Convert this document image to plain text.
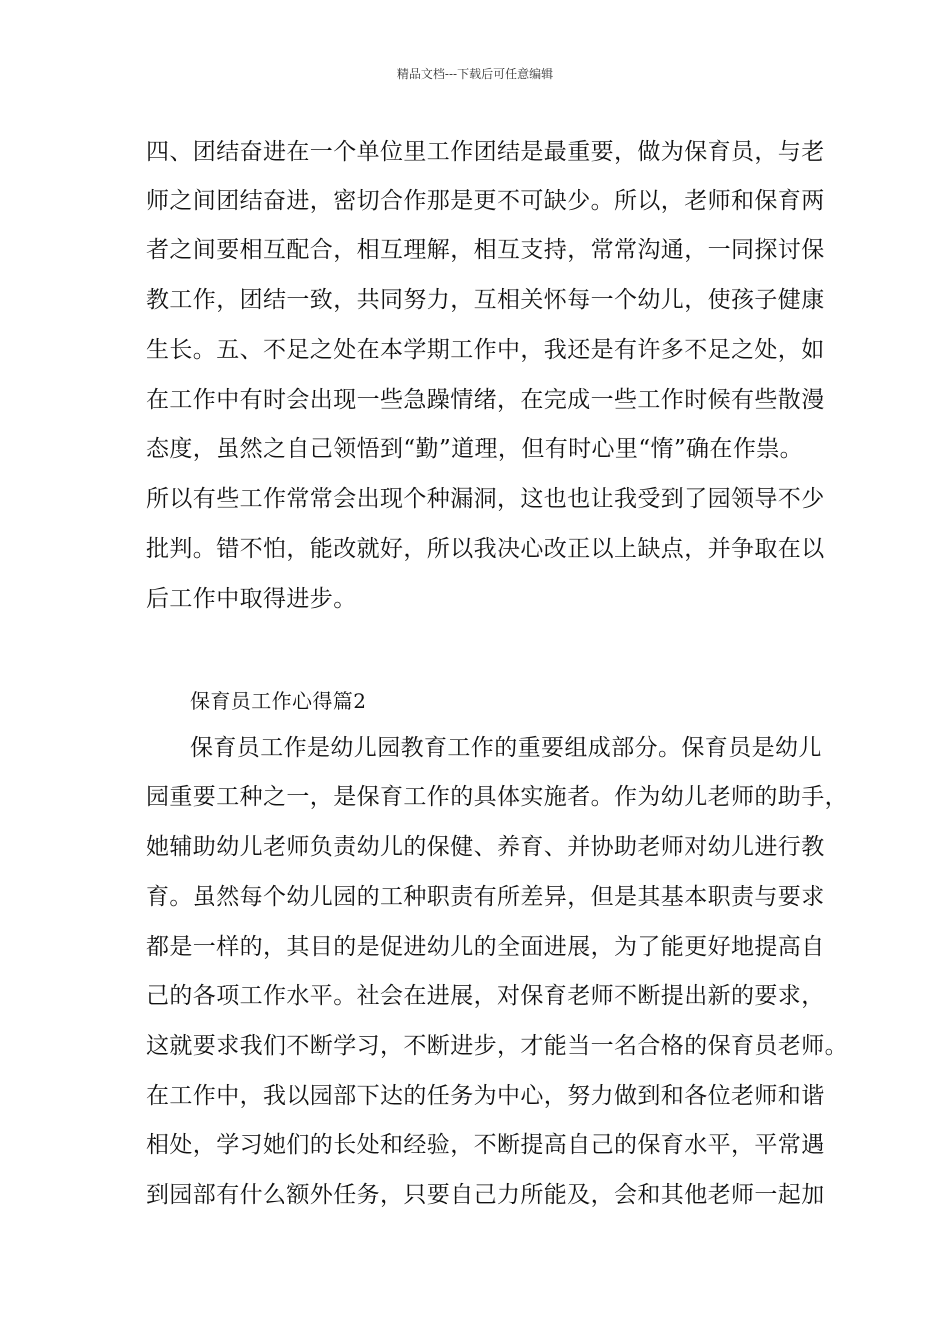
精品文档---下载后可任意编辑
四、团结奋进在一个单位里工作团结是最重要，做为保育员，与老
师之间团结奋进，密切合作那是更不可缺少。所以，老师和保育两
者之间要相互配合，相互理解，相互支持，常常沟通，一同探讨保
教工作，团结一致，共同努力，互相关怀每一个幼儿，使孩子健康
生长。五、不足之处在本学期工作中，我还是有许多不足之处，如
在工作中有时会出现一些急躁情绪，在完成一些工作时候有些散漫
态度，虽然之自己领悟到“勤”道理，但有时心里“惰”确在作祟。
所以有些工作常常会出现个种漏洞，这也也让我受到了园领导不少
批判。错不怕，能改就好，所以我决心改正以上缺点，并争取在以
后工作中取得进步。
保育员工作心得篇2
保育员工作是幼儿园教育工作的重要组成部分。保育员是幼儿
园重要工种之一，是保育工作的具体实施者。作为幼儿老师的助手，
她辅助幼儿老师负责幼儿的保健、养育、并协助老师对幼儿进行教
育。虽然每个幼儿园的工种职责有所差异，但是其基本职责与要求
都是一样的，其目的是促进幼儿的全面进展，为了能更好地提高自
己的各项工作水平。社会在进展，对保育老师不断提出新的要求，
这就要求我们不断学习，不断进步，才能当一名合格的保育员老师。
在工作中，我以园部下达的任务为中心，努力做到和各位老师和谐
相处，学习她们的长处和经验，不断提高自己的保育水平，平常遇
到园部有什么额外任务，只要自己力所能及，会和其他老师一起加
